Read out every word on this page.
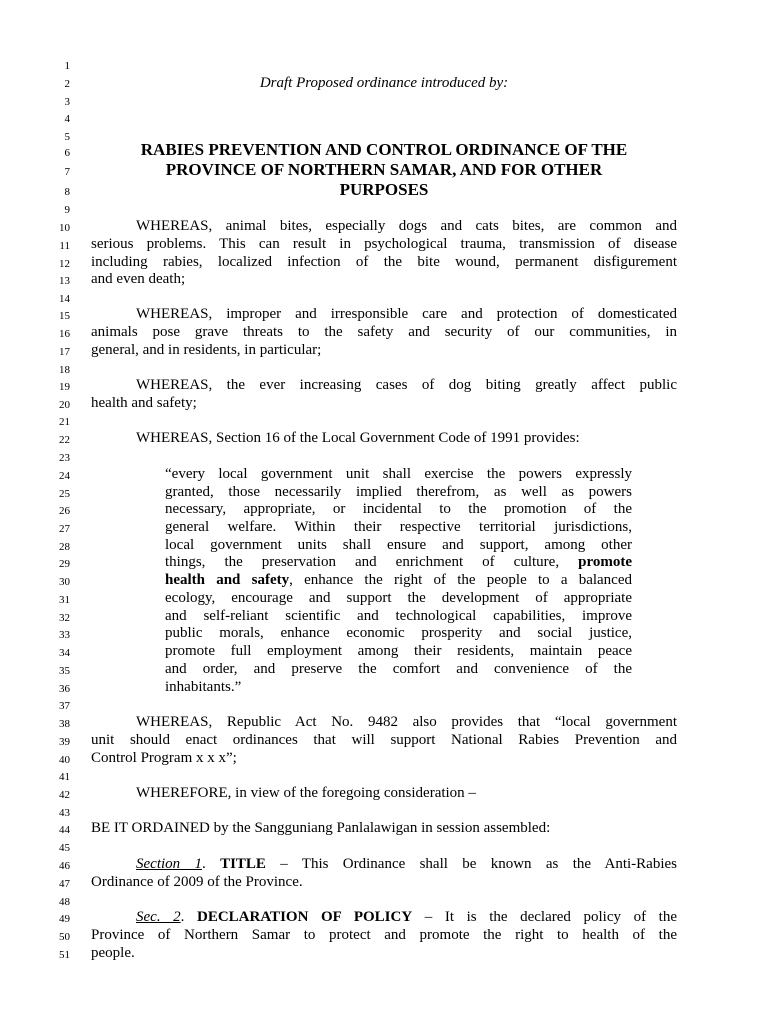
1
2
3
4
5
6
7
8
9
10
11
12
13
14
15
16
17
18
19
20
21
22
23
24
25
26
27
28
29
30
31
32
33
34
35
36
37
38
39
40
41
42
43
44
45
46
47
48
49
50
51
Draft Proposed ordinance introduced by:
RABIES PREVENTION AND CONTROL ORDINANCE OF THE
PROVINCE OF NORTHERN SAMAR, AND FOR OTHER
PURPOSES
WHEREAS, animal bites, especially dogs and cats bites, are common and
serious problems. This can result in psychological trauma, transmission of disease
including rabies, localized infection of the bite wound, permanent disfigurement
and even death;
WHEREAS, improper and irresponsible care and protection of domesticated
animals pose grave threats to the safety and security of our communities, in
general, and in residents, in particular;
WHEREAS, the ever increasing cases of dog biting greatly affect public
health and safety;
WHEREAS, Section 16 of the Local Government Code of 1991 provides:
“every local government unit shall exercise the powers expressly
granted, those necessarily implied therefrom, as well as powers
necessary, appropriate, or incidental to the promotion of the
general welfare. Within their respective territorial jurisdictions,
local government units shall ensure and support, among other
things, the preservation and enrichment of culture, promote
health and safety, enhance the right of the people to a balanced
ecology, encourage and support the development of appropriate
and self-reliant scientific and technological capabilities, improve
public morals, enhance economic prosperity and social justice,
promote full employment among their residents, maintain peace
and order, and preserve the comfort and convenience of the
inhabitants.”
WHEREAS, Republic Act No. 9482 also provides that “local government
unit should enact ordinances that will support National Rabies Prevention and
Control Program x x x”;
WHEREFORE, in view of the foregoing consideration –
BE IT ORDAINED by the Sangguniang Panlalawigan in session assembled:
Section 1. TITLE – This Ordinance shall be known as the Anti-Rabies
Ordinance of 2009 of the Province.
Sec. 2. DECLARATION OF POLICY – It is the declared policy of the
Province of Northern Samar to protect and promote the right to health of the
people.
